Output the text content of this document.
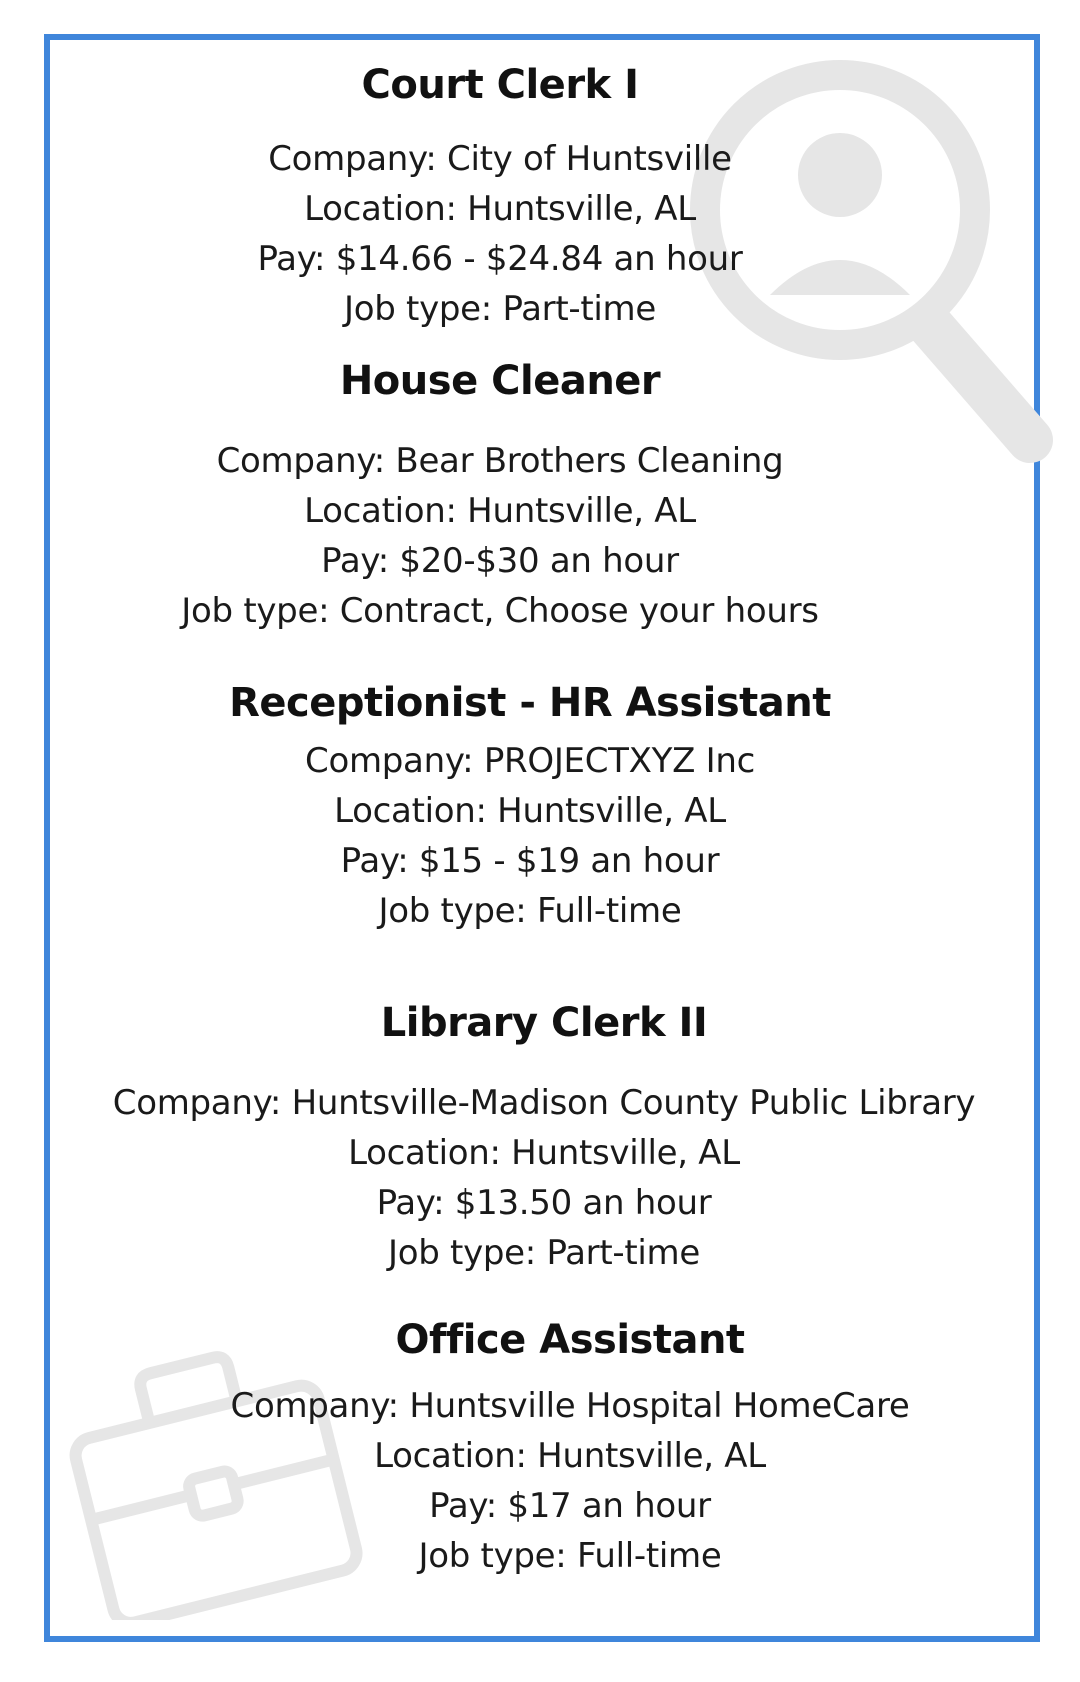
Court Clerk I

Company: City of Huntsville

Location: Huntsville, AL

Pay: $14.66 - $24.84 an hour

Job type: Part-time

House Cleaner

Company: Bear Brothers Cleaning

Location: Huntsville, AL

Pay: $20-$30 an hour

Job type: Contract, Choose your hours

Receptionist - HR Assistant

Company: PROJECTXYZ Inc

Location: Huntsville, AL

Pay: $15 - $19 an hour

Job type: Full-time

Library Clerk II

Company: Huntsville-Madison County Public Library

Location: Huntsville, AL

Pay: $13.50 an hour

Job type: Part-time

Office Assistant

Company: Huntsville Hospital HomeCare

Location: Huntsville, AL

Pay: $17 an hour

Job type: Full-time
